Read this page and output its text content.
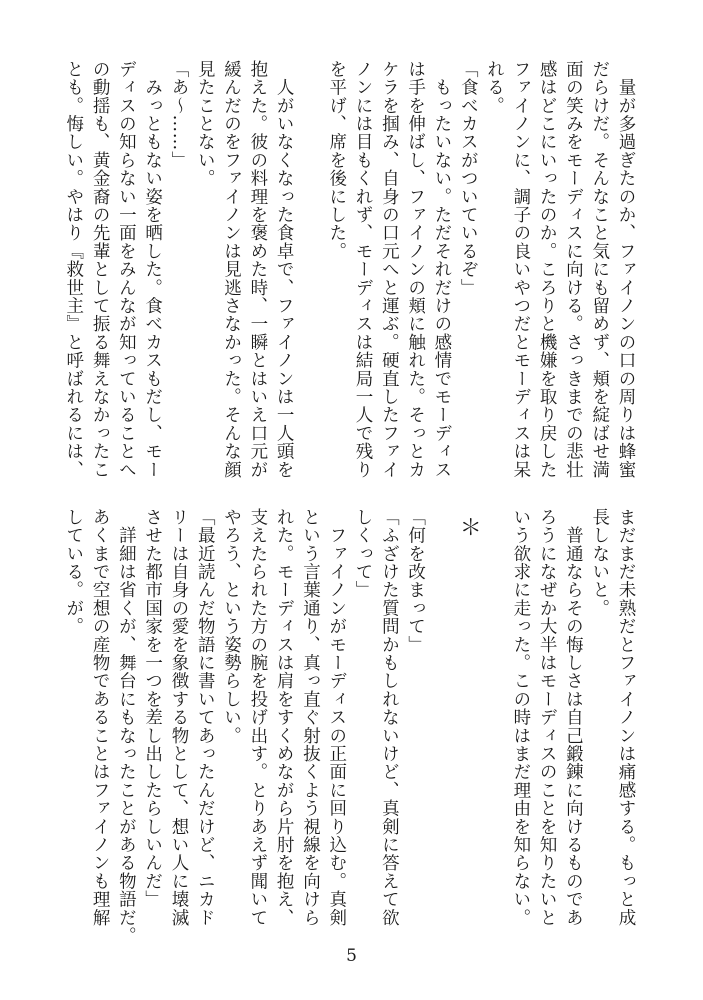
　量が多過ぎたのか、ファイノンの口の周りは蜂蜜
だらけだ。そんなこと気にも留めず、頬を綻ばせ満
面の笑みをモーディスに向ける。さっきまでの悲壮
感はどこにいったのか。ころりと機嫌を取り戻した
ファイノンに、調子の良いやつだとモーディスは呆
れる。
「食べカスがついているぞ」
　もったいない。ただそれだけの感情でモーディス
は手を伸ばし、ファイノンの頬に触れた。そっとカ
ケラを掴み、自身の口元へと運ぶ。硬直したファイ
ノンには目もくれず、モーディスは結局一人で残り
を平げ、席を後にした。
　人がいなくなった食卓で、ファイノンは一人頭を
抱えた。彼の料理を褒めた時、一瞬とはいえ口元が
緩んだのをファイノンは見逃さなかった。そんな顔
見たことない。
「あ〜……」
　みっともない姿を晒した。食べカスもだし、モー
ディスの知らない一面をみんなが知っていることへ
の動揺も、黄金裔の先輩として振る舞えなかったこ
とも。悔しい。やはり『救世主』と呼ばれるには、
まだまだ未熟だとファイノンは痛感する。もっと成
長しないと。
　普通ならその悔しさは自己鍛錬に向けるものであ
ろうになぜか大半はモーディスのことを知りたいと
いう欲求に走った。この時はまだ理由を知らない。
＊
「何を改まって」
「ふざけた質問かもしれないけど、真剣に答えて欲
しくって」
　ファイノンがモーディスの正面に回り込む。真剣
という言葉通り、真っ直ぐ射抜くよう視線を向けら
れた。モーディスは肩をすくめながら片肘を抱え、
支えたられた方の腕を投げ出す。とりあえず聞いて
やろう、という姿勢らしい。
「最近読んだ物語に書いてあったんだけど、ニカド
リーは自身の愛を象徴する物として、想い人に壊滅
させた都市国家を一つを差し出したらしいんだ」
　詳細は省くが、舞台にもなったことがある物語だ。
あくまで空想の産物であることはファイノンも理解
している。が。
5
